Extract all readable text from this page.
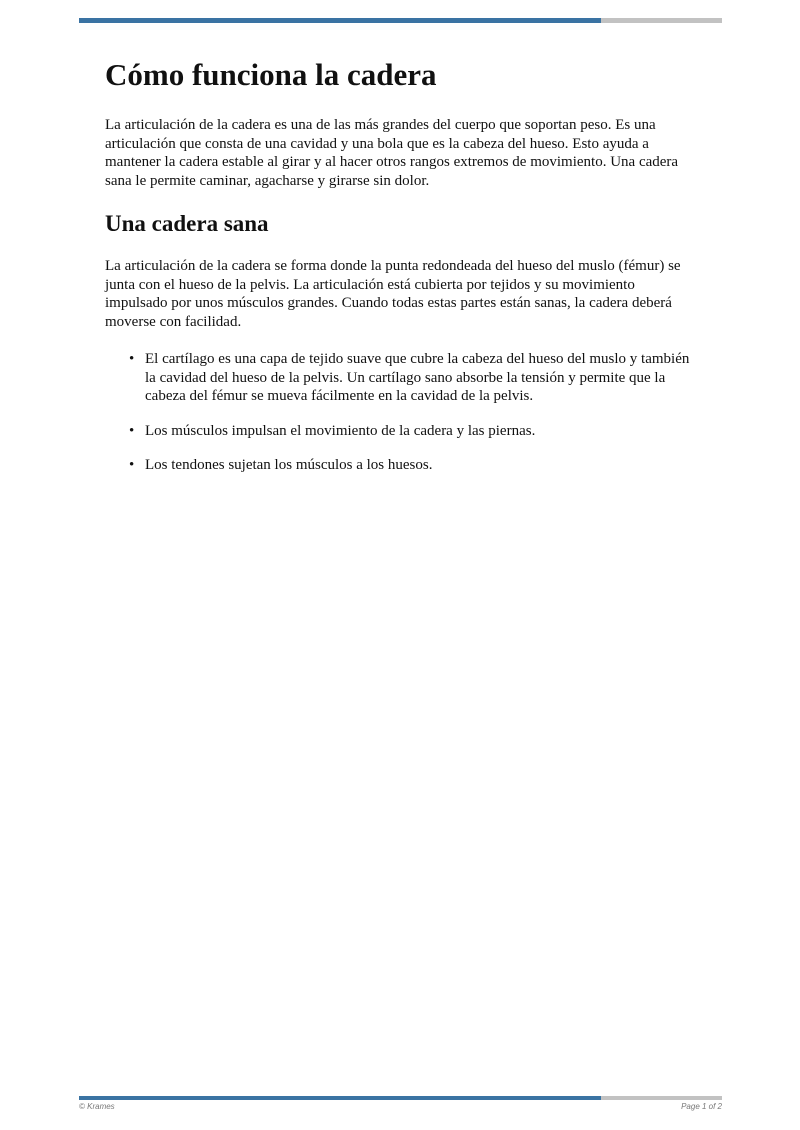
Cómo funciona la cadera

La articulación de la cadera es una de las más grandes del cuerpo que soportan peso. Es una articulación que consta de una cavidad y una bola que es la cabeza del hueso. Esto ayuda a mantener la cadera estable al girar y al hacer otros rangos extremos de movimiento. Una cadera sana le permite caminar, agacharse y girarse sin dolor.

Una cadera sana

La articulación de la cadera se forma donde la punta redondeada del hueso del muslo (fémur) se junta con el hueso de la pelvis. La articulación está cubierta por tejidos y su movimiento impulsado por unos músculos grandes. Cuando todas estas partes están sanas, la cadera deberá moverse con facilidad.

• El cartílago es una capa de tejido suave que cubre la cabeza del hueso del muslo y también la cavidad del hueso de la pelvis. Un cartílago sano absorbe la tensión y permite que la cabeza del fémur se mueva fácilmente en la cavidad de la pelvis.
• Los músculos impulsan el movimiento de la cadera y las piernas.
• Los tendones sujetan los músculos a los huesos.
© Krames	Page 1 of 2
